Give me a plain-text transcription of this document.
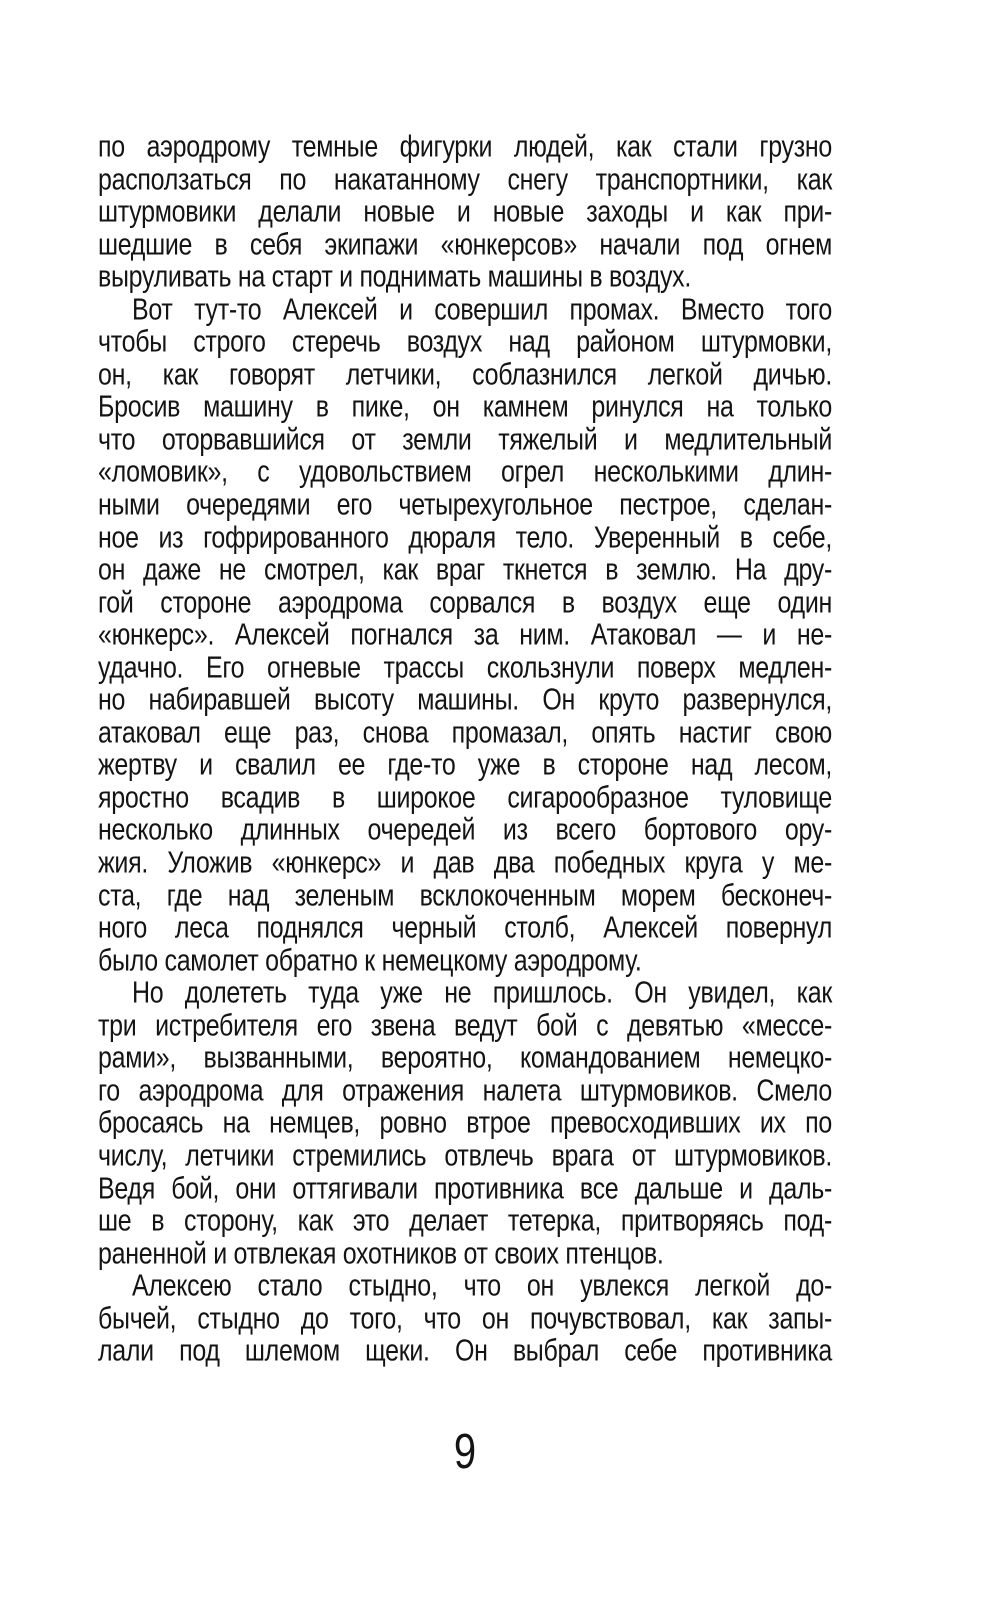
по аэродрому темные фигурки людей, как стали грузно
расползаться по накатанному снегу транспортники, как
штурмовики делали новые и новые заходы и как при-
шедшие в себя экипажи «юнкерсов» начали под огнем
выруливать на старт и поднимать машины в воздух.
Вот тут-то Алексей и совершил промах. Вместо того
чтобы строго стеречь воздух над районом штурмовки,
он, как говорят летчики, соблазнился легкой дичью.
Бросив машину в пике, он камнем ринулся на только
что оторвавшийся от земли тяжелый и медлительный
«ломовик», с удовольствием огрел несколькими длин-
ными очередями его четырехугольное пестрое, сделан-
ное из гофрированного дюраля тело. Уверенный в себе,
он даже не смотрел, как враг ткнется в землю. На дру-
гой стороне аэродрома сорвался в воздух еще один
«юнкерс». Алексей погнался за ним. Атаковал — и не-
удачно. Его огневые трассы скользнули поверх медлен-
но набиравшей высоту машины. Он круто развернулся,
атаковал еще раз, снова промазал, опять настиг свою
жертву и свалил ее где-то уже в стороне над лесом,
яростно всадив в широкое сигарообразное туловище
несколько длинных очередей из всего бортового ору-
жия. Уложив «юнкерс» и дав два победных круга у ме-
ста, где над зеленым всклокоченным морем бесконеч-
ного леса поднялся черный столб, Алексей повернул
было самолет обратно к немецкому аэродрому.
Но долететь туда уже не пришлось. Он увидел, как
три истребителя его звена ведут бой с девятью «мессе-
рами», вызванными, вероятно, командованием немецко-
го аэродрома для отражения налета штурмовиков. Смело
бросаясь на немцев, ровно втрое превосходивших их по
числу, летчики стремились отвлечь врага от штурмовиков.
Ведя бой, они оттягивали противника все дальше и даль-
ше в сторону, как это делает тетерка, притворяясь под-
раненной и отвлекая охотников от своих птенцов.
Алексею стало стыдно, что он увлекся легкой до-
бычей, стыдно до того, что он почувствовал, как запы-
лали под шлемом щеки. Он выбрал себе противника
9
